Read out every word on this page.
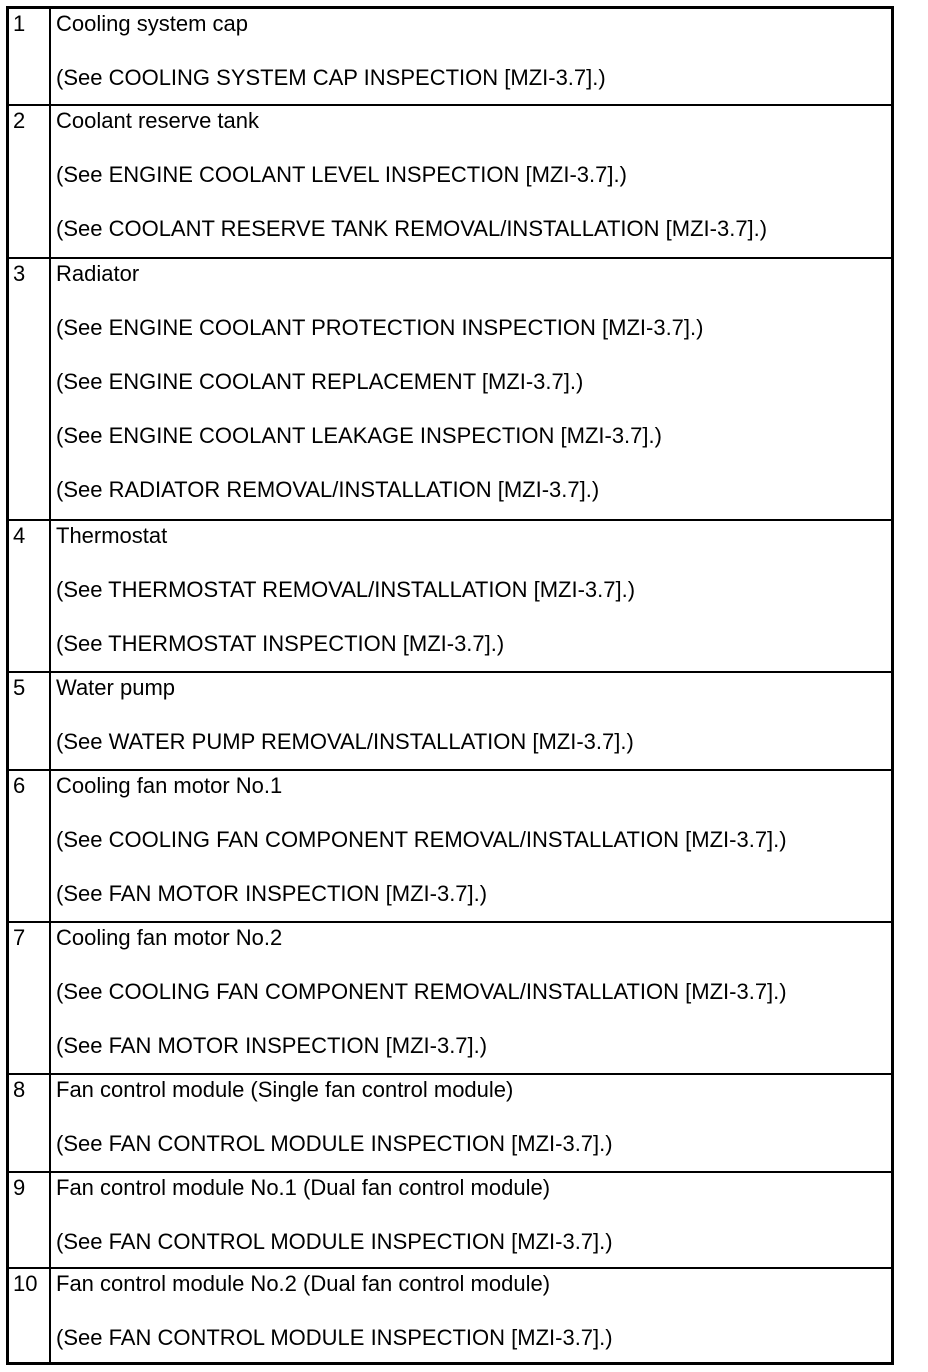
1	Cooling system cap
(See COOLING SYSTEM CAP INSPECTION [MZI-3.7].)

2	Coolant reserve tank
(See ENGINE COOLANT LEVEL INSPECTION [MZI-3.7].)
(See COOLANT RESERVE TANK REMOVAL/INSTALLATION [MZI-3.7].)

3	Radiator
(See ENGINE COOLANT PROTECTION INSPECTION [MZI-3.7].)
(See ENGINE COOLANT REPLACEMENT [MZI-3.7].)
(See ENGINE COOLANT LEAKAGE INSPECTION [MZI-3.7].)
(See RADIATOR REMOVAL/INSTALLATION [MZI-3.7].)

4	Thermostat
(See THERMOSTAT REMOVAL/INSTALLATION [MZI-3.7].)
(See THERMOSTAT INSPECTION [MZI-3.7].)

5	Water pump
(See WATER PUMP REMOVAL/INSTALLATION [MZI-3.7].)

6	Cooling fan motor No.1
(See COOLING FAN COMPONENT REMOVAL/INSTALLATION [MZI-3.7].)
(See FAN MOTOR INSPECTION [MZI-3.7].)

7	Cooling fan motor No.2
(See COOLING FAN COMPONENT REMOVAL/INSTALLATION [MZI-3.7].)
(See FAN MOTOR INSPECTION [MZI-3.7].)

8	Fan control module (Single fan control module)
(See FAN CONTROL MODULE INSPECTION [MZI-3.7].)

9	Fan control module No.1 (Dual fan control module)
(See FAN CONTROL MODULE INSPECTION [MZI-3.7].)

10	Fan control module No.2 (Dual fan control module)
(See FAN CONTROL MODULE INSPECTION [MZI-3.7].)
